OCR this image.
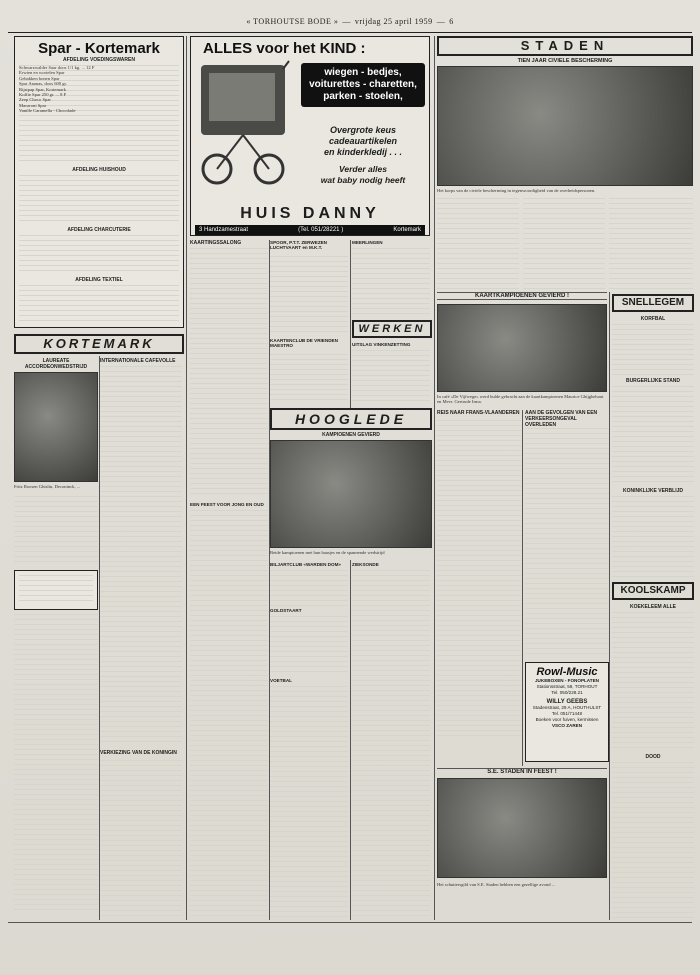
« TORHOUTSE BODE » — vrijdag 25 april 1959 — 6
Spar - Kortemark
AFDELING VOEDINGSWAREN
Schwarzwalder Saar doos 1/1 kg. ... 12 F
Erwten en wortelen Spar
Gebakken bonen Spar
Spar Ananas, doos 600 gr.
Rijstpap Spar, Kortemark
Koffie Spar 250 gr. ... 8 F
Zeep Choco Spar
Macaroni Spar
Vanille Caramella - Chocolade
AFDELING HUISHOUD
AFDELING CHARCUTERIE
AFDELING TEXTIEL
ALLES voor het KIND :
wiegen - bedjes,
voiturettes - charetten,
parken - stoelen,
Overgrote keus
cadeauartikelen
en kinderkledij . . .
Verder alles
wat baby nodig heeft
HUIS DANNY
3 Handzamestraat	(Tel. 051/28221 )	Kortemark
STADEN
TIEN JAAR CIVIELE BESCHERMING
Het korps van de civiele bescherming in tegenwoordigheid van de overheidspersonen.
KAARTKAMPIOENEN GEVIERD !
In café «De Vijfwege» werd hulde gebracht aan de kaartkampioenen Maurice Ghijghebaut en Mevr. Gertrude Irma.
SNELLEGEM
KORFBAL
BURGERLIJKE STAND
KONINKLIJKE VERBLIJD
KOOLSKAMP
KOEKELEEM ALLE
DOOD
REIS NAAR FRANS-VLAANDEREN AAN DE GEVOLGEN VAN EEN VERKEERSONGEVAL OVERLEDEN
Rowl-Music
JUKEBOXEN - FONOPLATEN
Stationsstraat, 59, TORHOUT
Tel. 050/228.21
WILLY GEEBS
Stadenstraat, 29 A, HOUTHULST
Tel. 051/71448
Boeken voor fuiven, kermissen
VSCO ZAREN
S.E. STADEN IN FEEST !
Het schuttersgild van S.E. Staden hebben een gezellige avond ...
KORTEMARK
LAUREATE ACCORDEONWEDSTRIJD
Fritz Roosen Ghislin, Deconinck, ...
INTERNATIONALE CAFEVOLLE
VERKIEZING VAN DE KONINGIN
KAARTINGSSALONG	SPOOR, P.T.T. ZERWEZEN LUCHTVAART en M.K.T.
KAARTENCLUB DE VRIENDEN MAESTRO
MEERLINGEN
WERKEN
UITSLAG VINKENZETTING
HOOGLEDE
KAMPIOENEN GEVIERD
Beide kampioenen met hun baasjes en de spannende wedstrijd
EEN FEEST VOOR JONG EN OUD
BILJARTCLUB «WARDEN DOM»
GOLDSTAART
VOETBAL
ZIEKSONDE
